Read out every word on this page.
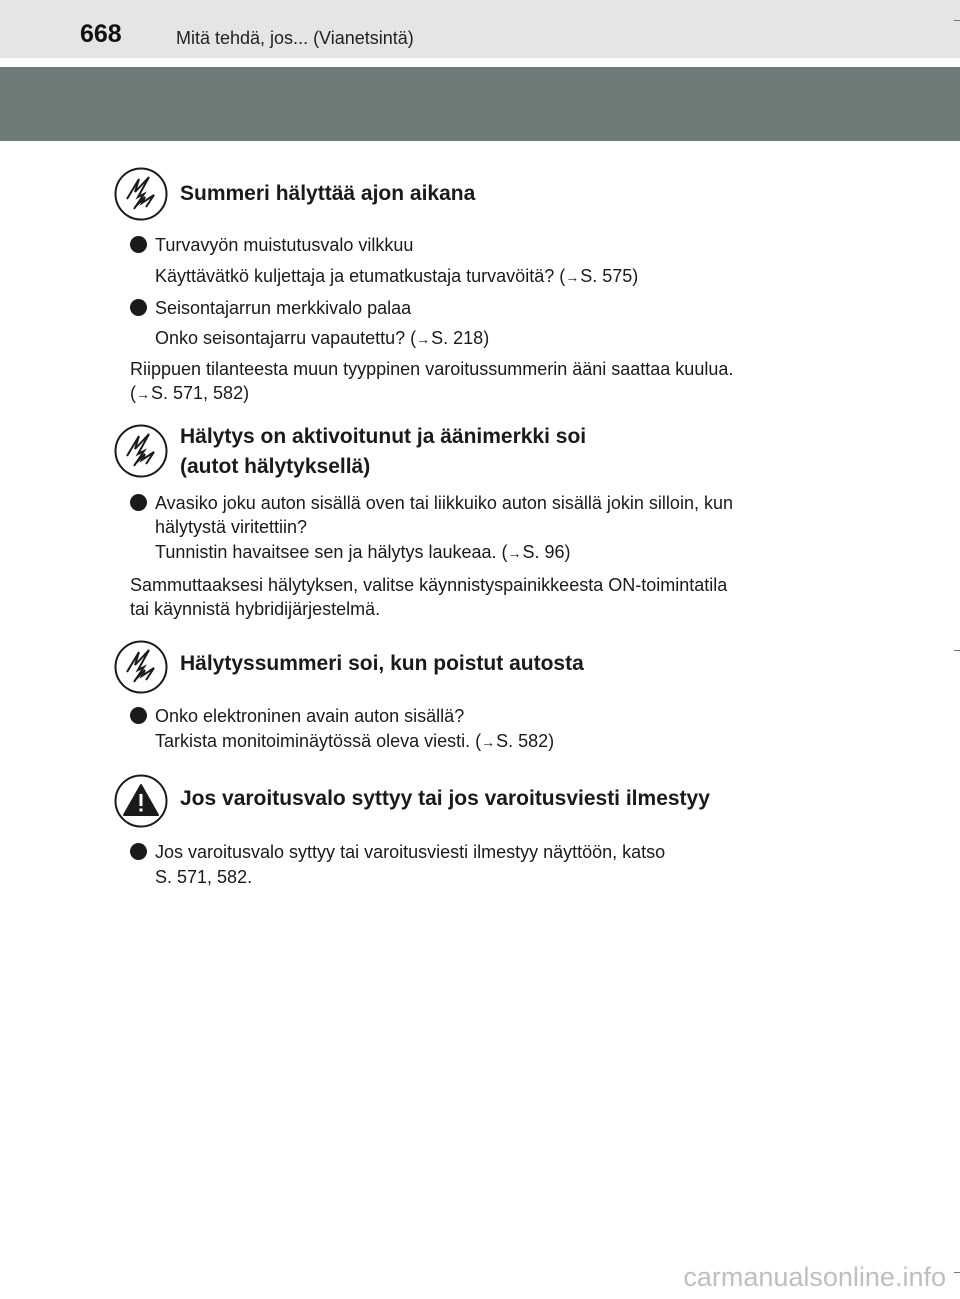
668	Mitä tehdä, jos... (Vianetsintä)
Summeri hälyttää ajon aikana
Turvavyön muistutusvalo vilkkuu
Käyttävätkö kuljettaja ja etumatkustaja turvavöitä? (→ S. 575)
Seisontajarrun merkkivalo palaa
Onko seisontajarru vapautettu? (→ S. 218)
Riippuen tilanteesta muun tyyppinen varoitussummerin ääni saattaa kuulua.
(→ S. 571, 582)
Hälytys on aktivoitunut ja äänimerkki soi
(autot hälytyksellä)
Avasiko joku auton sisällä oven tai liikkuiko auton sisällä jokin silloin, kun
hälytystä viritettiin?
Tunnistin havaitsee sen ja hälytys laukeaa. (→ S. 96)
Sammuttaaksesi hälytyksen, valitse käynnistyspainikkeesta ON-toimintatila
tai käynnistä hybridijärjestelmä.
Hälytyssummeri soi, kun poistut autosta
Onko elektroninen avain auton sisällä?
Tarkista monitoiminäytössä oleva viesti. (→ S. 582)
Jos varoitusvalo syttyy tai jos varoitusviesti ilmestyy
Jos varoitusvalo syttyy tai varoitusviesti ilmestyy näyttöön, katso
S. 571, 582.
carmanualsonline.info
